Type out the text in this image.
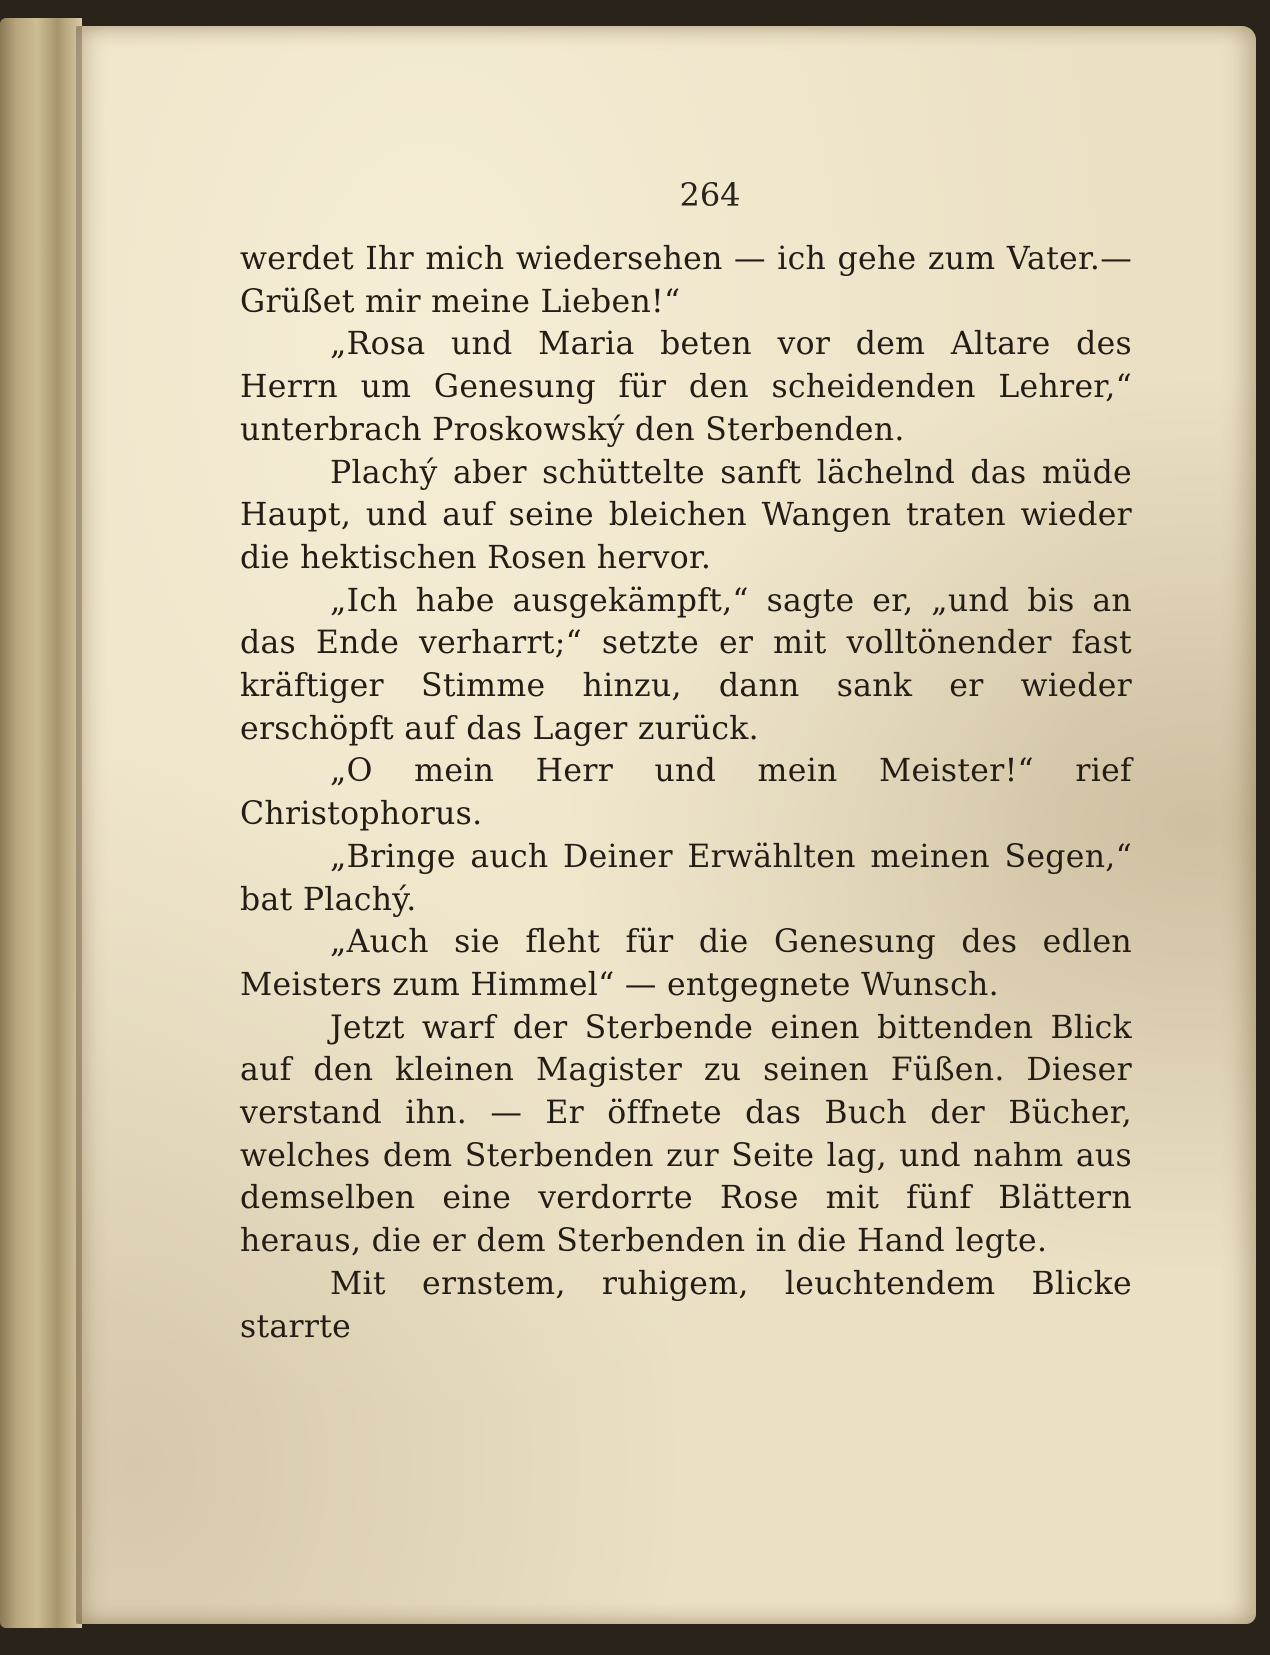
264

werdet Ihr mich wiedersehen — ich gehe zum Vater.— Grüßet mir meine Lieben!“

„Rosa und Maria beten vor dem Altare des Herrn um Genesung für den scheidenden Lehrer,“ unterbrach Proskowský den Sterbenden.

Plachý aber schüttelte sanft lächelnd das müde Haupt, und auf seine bleichen Wangen traten wieder die hektischen Rosen hervor.

„Ich habe ausgekämpft,“ sagte er, „und bis an das Ende verharrt;“ setzte er mit volltönender fast kräftiger Stimme hinzu, dann sank er wieder erschöpft auf das Lager zurück.

„O mein Herr und mein Meister!“ rief Christophorus.

„Bringe auch Deiner Erwählten meinen Segen,“ bat Plachý.

„Auch sie fleht für die Genesung des edlen Meisters zum Himmel“ — entgegnete Wunsch.

Jetzt warf der Sterbende einen bittenden Blick auf den kleinen Magister zu seinen Füßen. Dieser verstand ihn. — Er öffnete das Buch der Bücher, welches dem Sterbenden zur Seite lag, und nahm aus demselben eine verdorrte Rose mit fünf Blättern heraus, die er dem Sterbenden in die Hand legte.

Mit ernstem, ruhigem, leuchtendem Blicke starrte
